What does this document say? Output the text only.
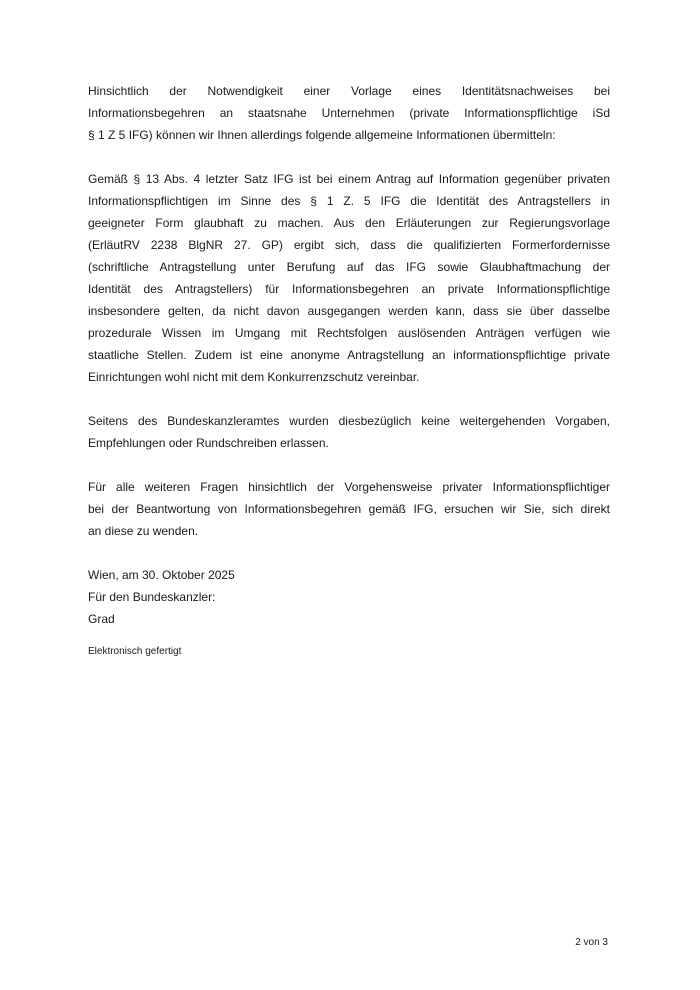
Hinsichtlich der Notwendigkeit einer Vorlage eines Identitätsnachweises bei
Informationsbegehren an staatsnahe Unternehmen (private Informationspflichtige iSd
§ 1 Z 5 IFG) können wir Ihnen allerdings folgende allgemeine Informationen übermitteln:
Gemäß § 13 Abs. 4 letzter Satz IFG ist bei einem Antrag auf Information gegenüber privaten
Informationspflichtigen im Sinne des § 1 Z. 5 IFG die Identität des Antragstellers in
geeigneter Form glaubhaft zu machen. Aus den Erläuterungen zur Regierungsvorlage
(ErläutRV 2238 BlgNR 27. GP) ergibt sich, dass die qualifizierten Formerfordernisse
(schriftliche Antragstellung unter Berufung auf das IFG sowie Glaubhaftmachung der
Identität des Antragstellers) für Informationsbegehren an private Informationspflichtige
insbesondere gelten, da nicht davon ausgegangen werden kann, dass sie über dasselbe
prozedurale Wissen im Umgang mit Rechtsfolgen auslösenden Anträgen verfügen wie
staatliche Stellen. Zudem ist eine anonyme Antragstellung an informationspflichtige private
Einrichtungen wohl nicht mit dem Konkurrenzschutz vereinbar.
Seitens des Bundeskanzleramtes wurden diesbezüglich keine weitergehenden Vorgaben,
Empfehlungen oder Rundschreiben erlassen.
Für alle weiteren Fragen hinsichtlich der Vorgehensweise privater Informationspflichtiger
bei der Beantwortung von Informationsbegehren gemäß IFG, ersuchen wir Sie, sich direkt
an diese zu wenden.
Wien, am 30. Oktober 2025
Für den Bundeskanzler:
Grad
Elektronisch gefertigt
2 von 3
